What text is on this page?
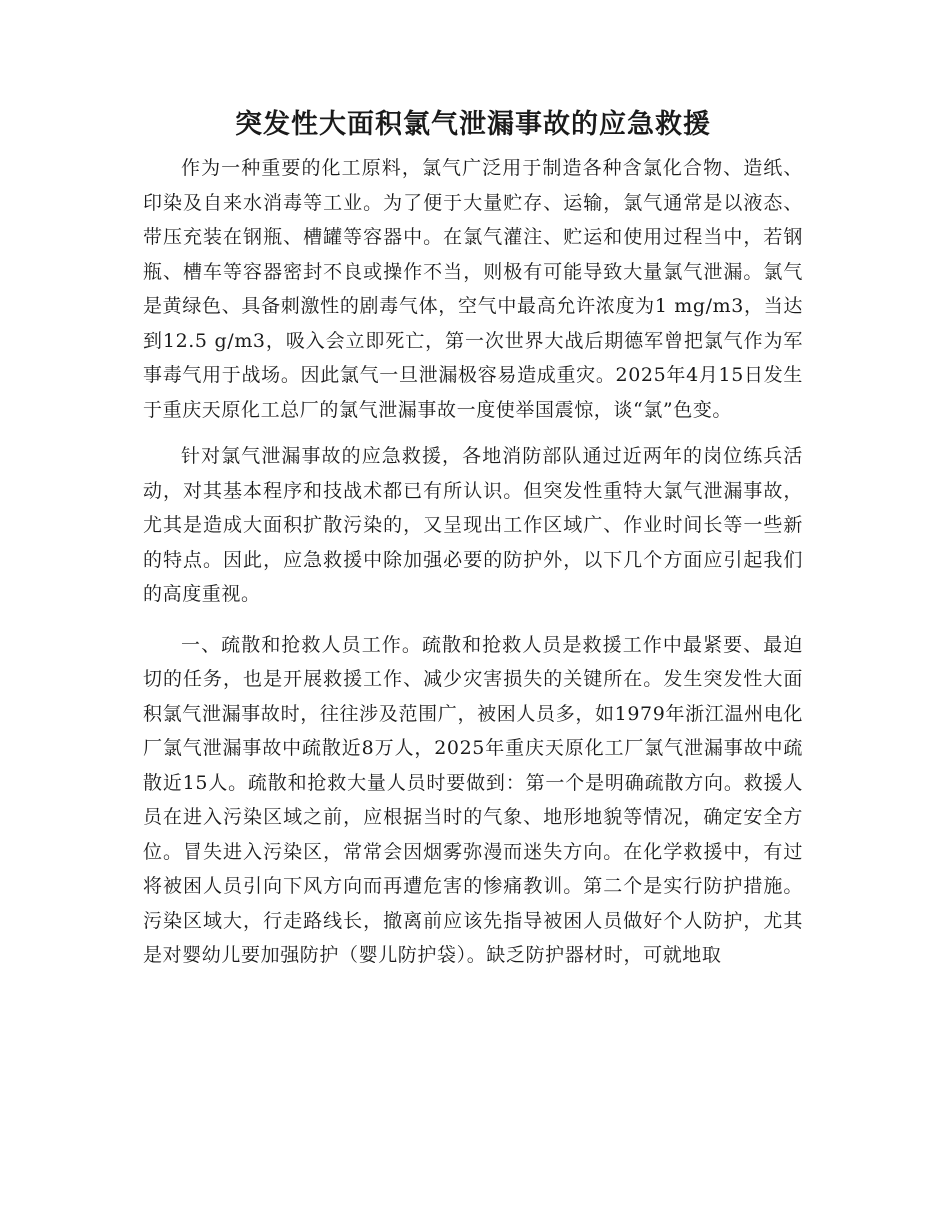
突发性大面积氯气泄漏事故的应急救援

作为一种重要的化工原料，氯气广泛用于制造各种含氯化合物、造纸、印染及自来水消毒等工业。为了便于大量贮存、运输，氯气通常是以液态、带压充装在钢瓶、槽罐等容器中。在氯气灌注、贮运和使用过程当中，若钢瓶、槽车等容器密封不良或操作不当，则极有可能导致大量氯气泄漏。氯气是黄绿色、具备刺激性的剧毒气体，空气中最高允许浓度为1 mg/m3，当达到12.5 g/m3，吸入会立即死亡，第一次世界大战后期德军曾把氯气作为军事毒气用于战场。因此氯气一旦泄漏极容易造成重灾。2025年4月15日发生于重庆天原化工总厂的氯气泄漏事故一度使举国震惊，谈“氯”色变。

针对氯气泄漏事故的应急救援，各地消防部队通过近两年的岗位练兵活动，对其基本程序和技战术都已有所认识。但突发性重特大氯气泄漏事故，尤其是造成大面积扩散污染的，又呈现出工作区域广、作业时间长等一些新的特点。因此，应急救援中除加强必要的防护外，以下几个方面应引起我们的高度重视。

一、疏散和抢救人员工作。疏散和抢救人员是救援工作中最紧要、最迫切的任务，也是开展救援工作、减少灾害损失的关键所在。发生突发性大面积氯气泄漏事故时，往往涉及范围广，被困人员多，如1979年浙江温州电化厂氯气泄漏事故中疏散近8万人，2025年重庆天原化工厂氯气泄漏事故中疏散近15人。疏散和抢救大量人员时要做到：第一个是明确疏散方向。救援人员在进入污染区域之前，应根据当时的气象、地形地貌等情况，确定安全方位。冒失进入污染区，常常会因烟雾弥漫而迷失方向。在化学救援中，有过将被困人员引向下风方向而再遭危害的惨痛教训。第二个是实行防护措施。污染区域大，行走路线长，撤离前应该先指导被困人员做好个人防护，尤其是对婴幼儿要加强防护（婴儿防护袋）。缺乏防护器材时，可就地取
